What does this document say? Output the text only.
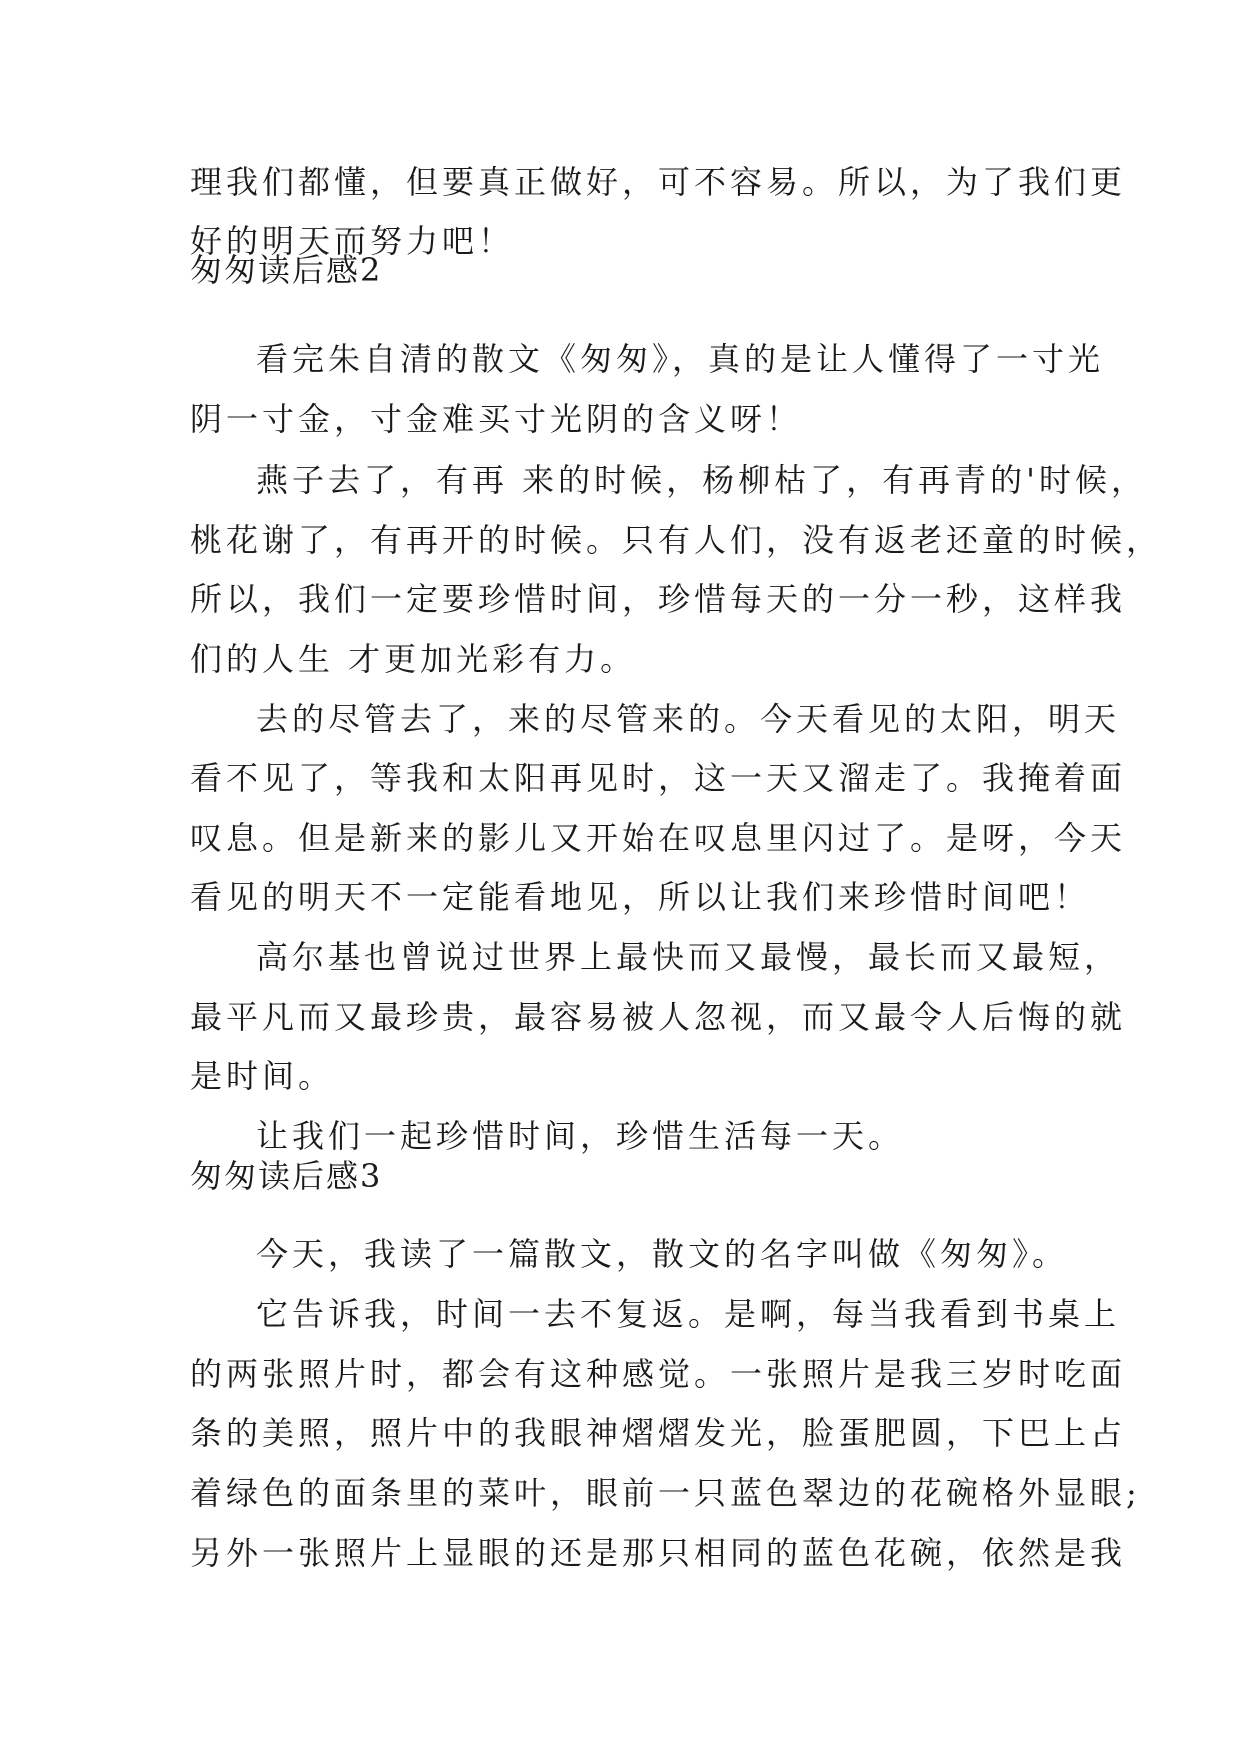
理我们都懂，但要真正做好，可不容易。所以，为了我们更
好的明天而努力吧！
匆匆读后感2
看完朱自清的散文《匆匆》，真的是让人懂得了一寸光
阴一寸金，寸金难买寸光阴的含义呀！
燕子去了，有再 来的时候，杨柳枯了，有再青的'时候，
桃花谢了，有再开的时候。只有人们，没有返老还童的时候，
所以，我们一定要珍惜时间，珍惜每天的一分一秒，这样我
们的人生 才更加光彩有力。
去的尽管去了，来的尽管来的。今天看见的太阳，明天
看不见了，等我和太阳再见时，这一天又溜走了。我掩着面
叹息。但是新来的影儿又开始在叹息里闪过了。是呀，今天
看见的明天不一定能看地见，所以让我们来珍惜时间吧！
高尔基也曾说过世界上最快而又最慢，最长而又最短，
最平凡而又最珍贵，最容易被人忽视，而又最令人后悔的就
是时间。
让我们一起珍惜时间，珍惜生活每一天。
匆匆读后感3
今天，我读了一篇散文，散文的名字叫做《匆匆》。
它告诉我，时间一去不复返。是啊，每当我看到书桌上
的两张照片时，都会有这种感觉。一张照片是我三岁时吃面
条的美照，照片中的我眼神熠熠发光，脸蛋肥圆，下巴上占
着绿色的面条里的菜叶，眼前一只蓝色翠边的花碗格外显眼;
另外一张照片上显眼的还是那只相同的蓝色花碗，依然是我
